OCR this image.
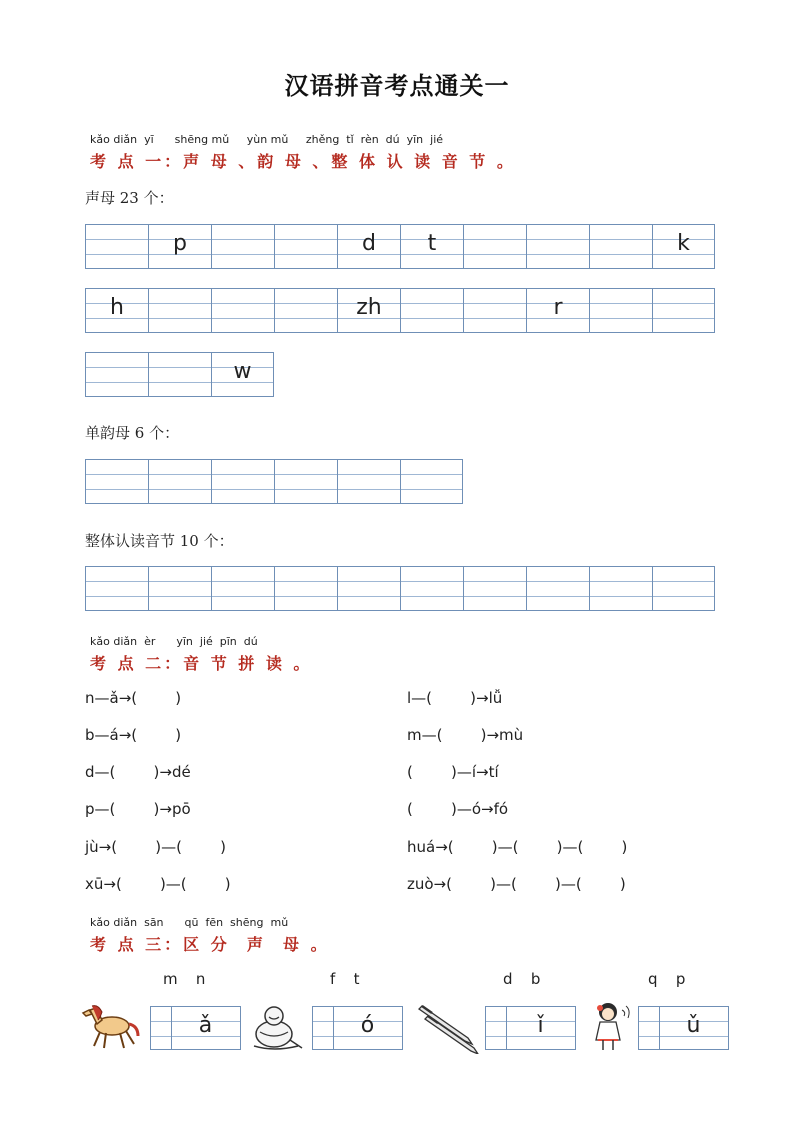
汉语拼音考点通关一
kǎo diǎn  yī      shēng mǔ     yùn mǔ     zhěng  tǐ  rèn  dú  yīn  jié
考 点 一：声 母 、韵 母 、整 体 认 读 音 节 。
声母 23 个：
p	d	t	k
h	zh	r
w
单韵母 6 个：
整体认读音节 10 个：
kǎo diǎn  èr      yīn  jié  pīn  dú
考 点 二：音 节 拼 读 。
n—ǎ→(        )
b—á→(        )
d—(        )→dé
p—(        )→pō
jù→(        )—(        )
xū→(        )—(        )
l—(        )→lǚ
m—(        )→mù
(        )—í→tí
(        )—ó→fó
huá→(        )—(        )—(        )
zuò→(        )—(        )—(        )
kǎo diǎn  sān      qū  fēn  shēng  mǔ
考 点 三：区 分  声  母 。
m   n
ǎ
f   t
ó
d   b
ǐ
q   p
ǔ
